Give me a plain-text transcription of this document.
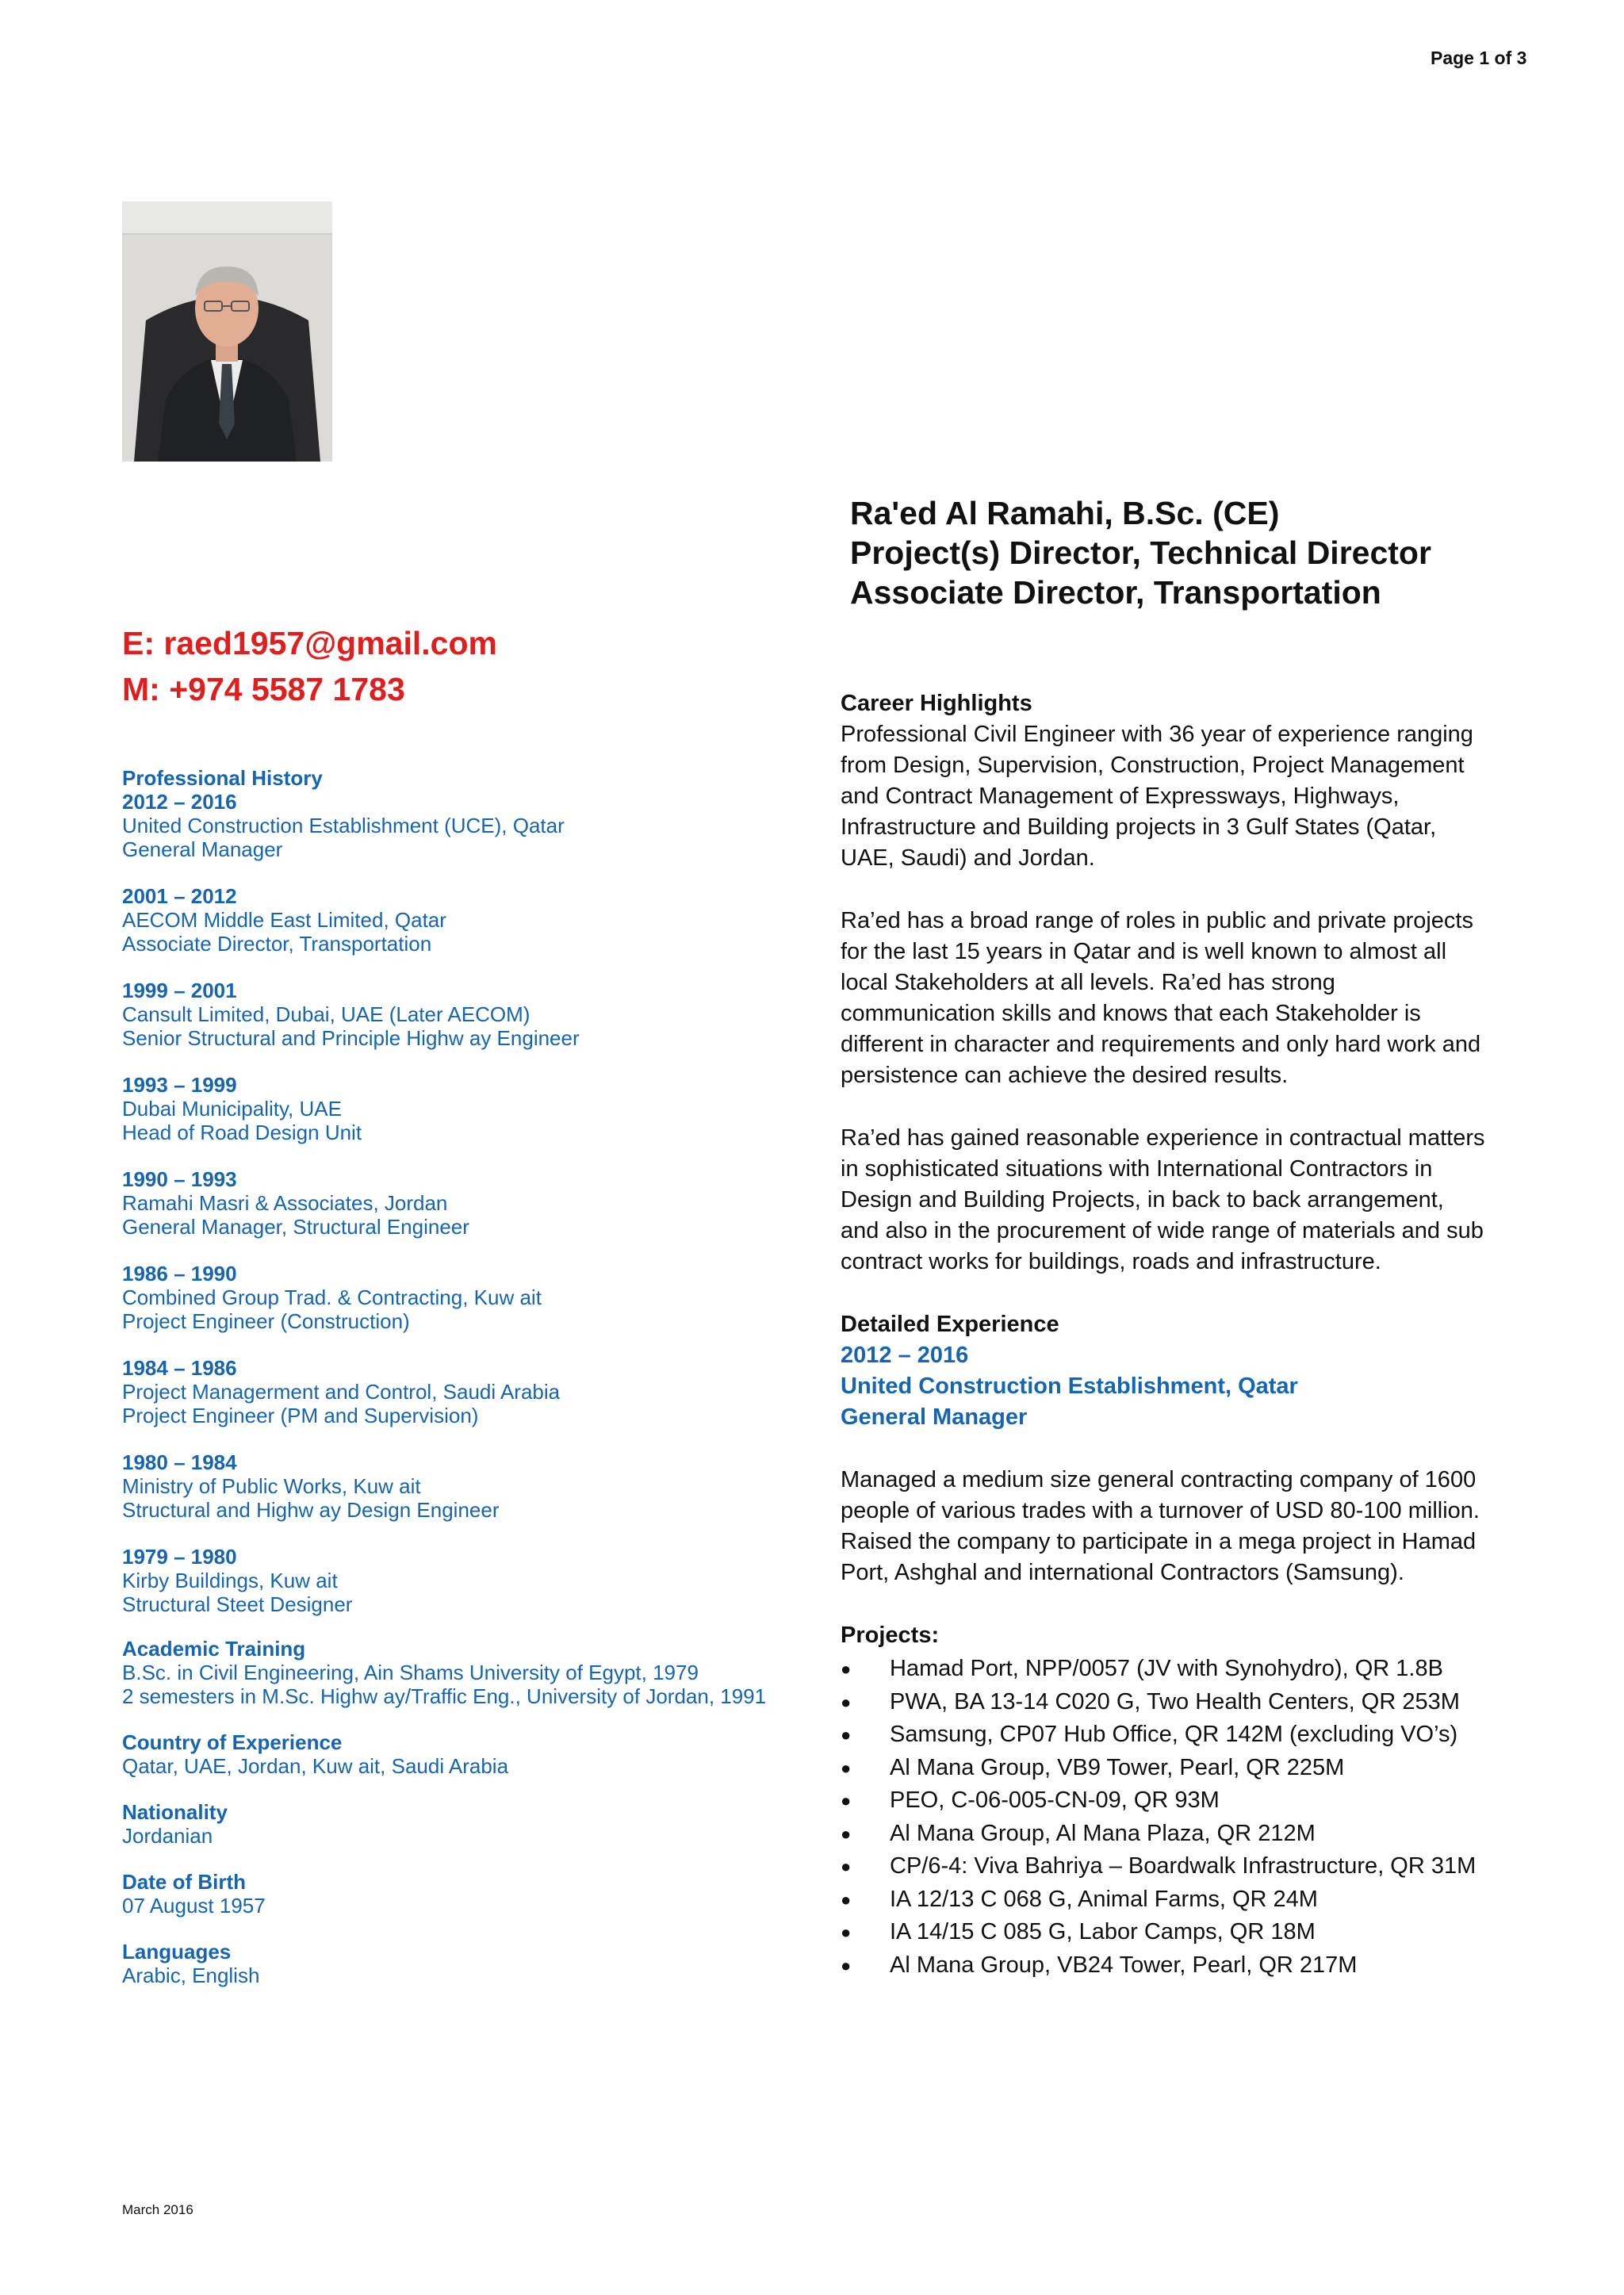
Page 1 of 3
Ra'ed Al Ramahi, B.Sc. (CE)
Project(s) Director, Technical Director
Associate Director, Transportation
E: raed1957@gmail.com
M: +974 5587 1783
Professional History
2012 – 2016
United Construction Establishment (UCE), Qatar
General Manager
2001 – 2012
AECOM Middle East Limited, Qatar
Associate Director, Transportation
1999 – 2001
Cansult Limited, Dubai, UAE (Later AECOM)
Senior Structural and Principle Highw ay Engineer
1993 – 1999
Dubai Municipality, UAE
Head of Road Design Unit
1990 – 1993
Ramahi Masri & Associates, Jordan
General Manager, Structural Engineer
1986 – 1990
Combined Group Trad. & Contracting, Kuw ait
Project Engineer (Construction)
1984 – 1986
Project Managerment and Control, Saudi Arabia
Project Engineer (PM and Supervision)
1980 – 1984
Ministry of Public Works, Kuw ait
Structural and Highw ay Design Engineer
1979 – 1980
Kirby Buildings, Kuw ait
Structural Steet Designer
Academic Training
B.Sc. in Civil Engineering, Ain Shams University of Egypt, 1979
2 semesters in M.Sc. Highw ay/Traffic Eng., University of Jordan, 1991
Country of Experience
Qatar, UAE, Jordan, Kuw ait, Saudi Arabia
Nationality
Jordanian
Date of Birth
07 August 1957
Languages
Arabic, English
Career Highlights

Professional Civil Engineer with 36 year of experience ranging
from Design, Supervision, Construction, Project Management
and Contract Management of Expressways, Highways,
Infrastructure and Building projects in 3 Gulf States (Qatar,
UAE, Saudi) and Jordan.

Ra’ed has a broad range of roles in public and private projects
for the last 15 years in Qatar and is well known to almost all
local Stakeholders at all levels. Ra’ed has strong
communication skills and knows that each Stakeholder is
different in character and requirements and only hard work and
persistence can achieve the desired results.

Ra’ed has gained reasonable experience in contractual matters
in sophisticated situations with International Contractors in
Design and Building Projects, in back to back arrangement,
and also in the procurement of wide range of materials and sub
contract works for buildings, roads and infrastructure.

Detailed Experience
2012 – 2016
United Construction Establishment, Qatar
General Manager

Managed a medium size general contracting company of 1600
people of various trades with a turnover of USD 80-100 million.
Raised the company to participate in a mega project in Hamad
Port, Ashghal and international Contractors (Samsung).

Projects:
● Hamad Port, NPP/0057 (JV with Synohydro), QR 1.8B
● PWA, BA 13-14 C020 G, Two Health Centers, QR 253M
● Samsung, CP07 Hub Office, QR 142M (excluding VO’s)
● Al Mana Group, VB9 Tower, Pearl, QR 225M
● PEO, C-06-005-CN-09, QR 93M
● Al Mana Group, Al Mana Plaza, QR 212M
● CP/6-4: Viva Bahriya – Boardwalk Infrastructure, QR 31M
● IA 12/13 C 068 G, Animal Farms, QR 24M
● IA 14/15 C 085 G, Labor Camps, QR 18M
● Al Mana Group, VB24 Tower, Pearl, QR 217M
March 2016
